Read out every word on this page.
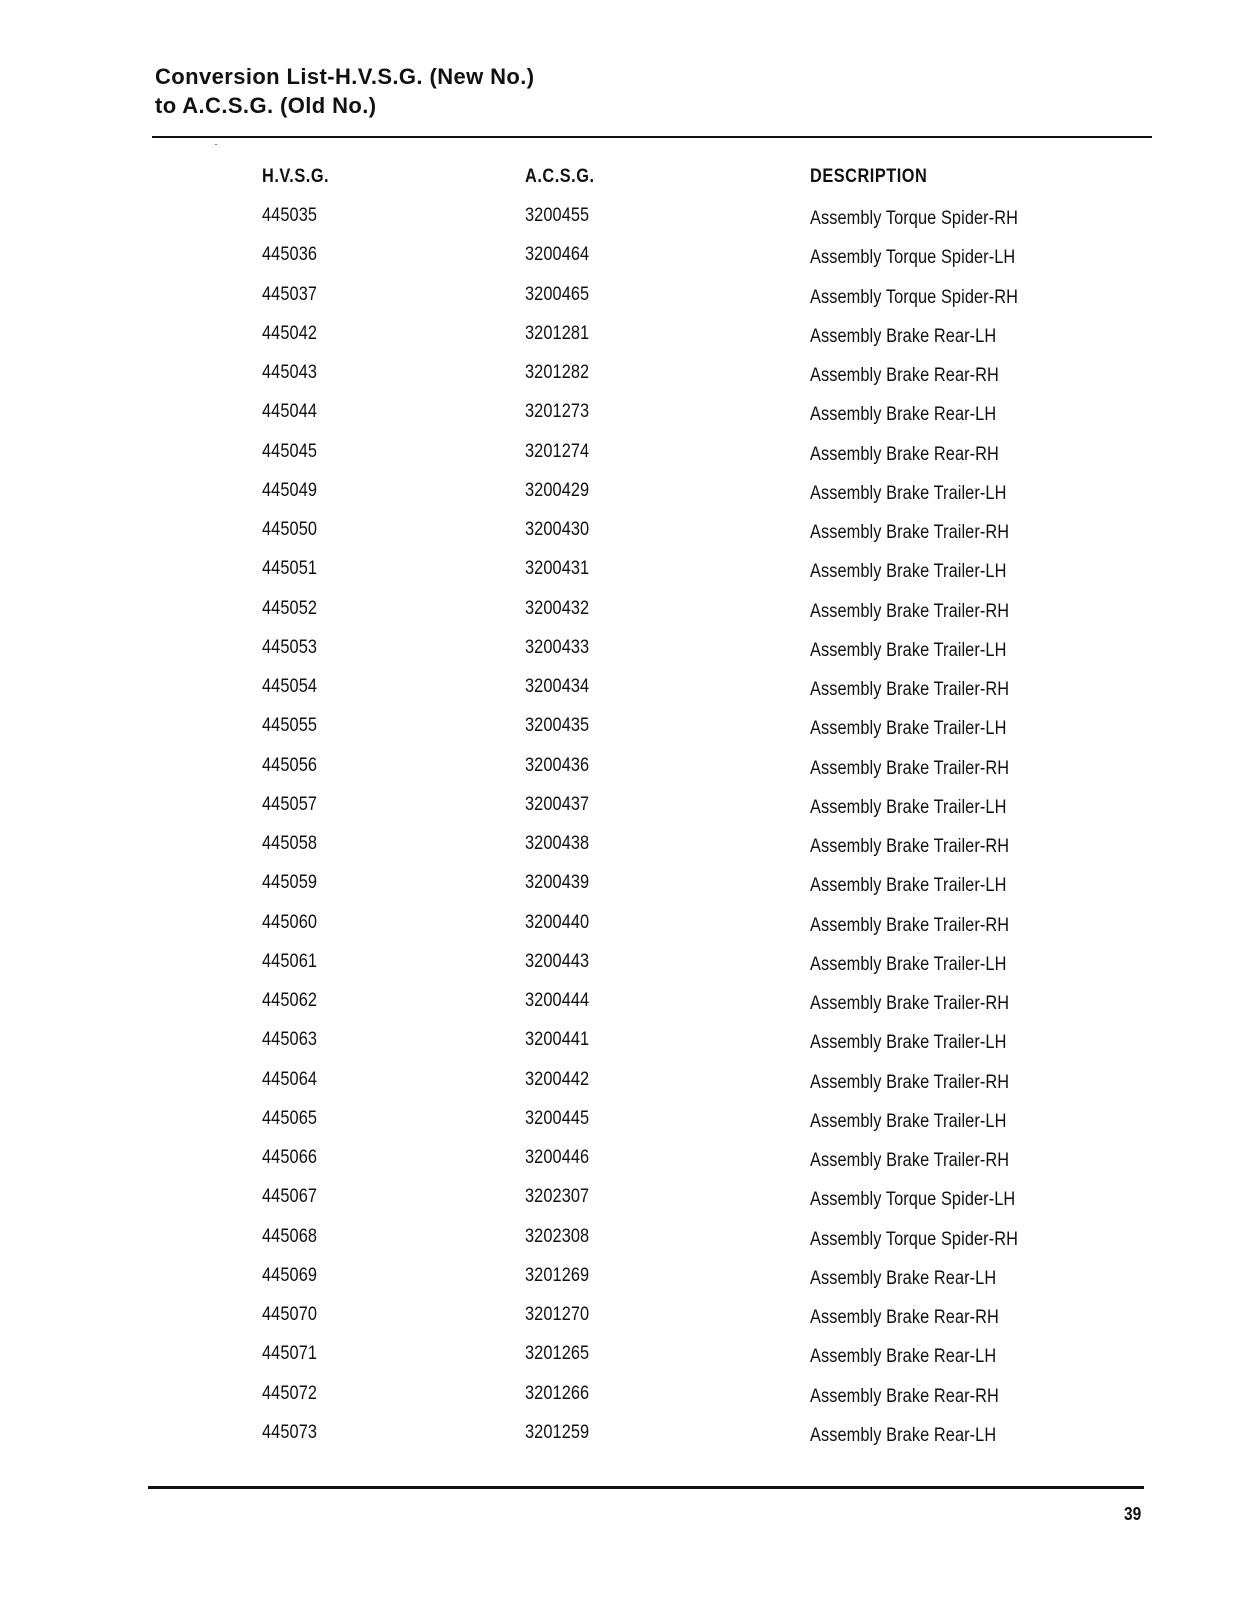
Conversion List-H.V.S.G. (New No.)
to A.C.S.G. (Old No.)
H.V.S.G.	A.C.S.G.	DESCRIPTION
445035	3200455	Assembly Torque Spider-RH
445036	3200464	Assembly Torque Spider-LH
445037	3200465	Assembly Torque Spider-RH
445042	3201281	Assembly Brake Rear-LH
445043	3201282	Assembly Brake Rear-RH
445044	3201273	Assembly Brake Rear-LH
445045	3201274	Assembly Brake Rear-RH
445049	3200429	Assembly Brake Trailer-LH
445050	3200430	Assembly Brake Trailer-RH
445051	3200431	Assembly Brake Trailer-LH
445052	3200432	Assembly Brake Trailer-RH
445053	3200433	Assembly Brake Trailer-LH
445054	3200434	Assembly Brake Trailer-RH
445055	3200435	Assembly Brake Trailer-LH
445056	3200436	Assembly Brake Trailer-RH
445057	3200437	Assembly Brake Trailer-LH
445058	3200438	Assembly Brake Trailer-RH
445059	3200439	Assembly Brake Trailer-LH
445060	3200440	Assembly Brake Trailer-RH
445061	3200443	Assembly Brake Trailer-LH
445062	3200444	Assembly Brake Trailer-RH
445063	3200441	Assembly Brake Trailer-LH
445064	3200442	Assembly Brake Trailer-RH
445065	3200445	Assembly Brake Trailer-LH
445066	3200446	Assembly Brake Trailer-RH
445067	3202307	Assembly Torque Spider-LH
445068	3202308	Assembly Torque Spider-RH
445069	3201269	Assembly Brake Rear-LH
445070	3201270	Assembly Brake Rear-RH
445071	3201265	Assembly Brake Rear-LH
445072	3201266	Assembly Brake Rear-RH
445073	3201259	Assembly Brake Rear-LH
39
